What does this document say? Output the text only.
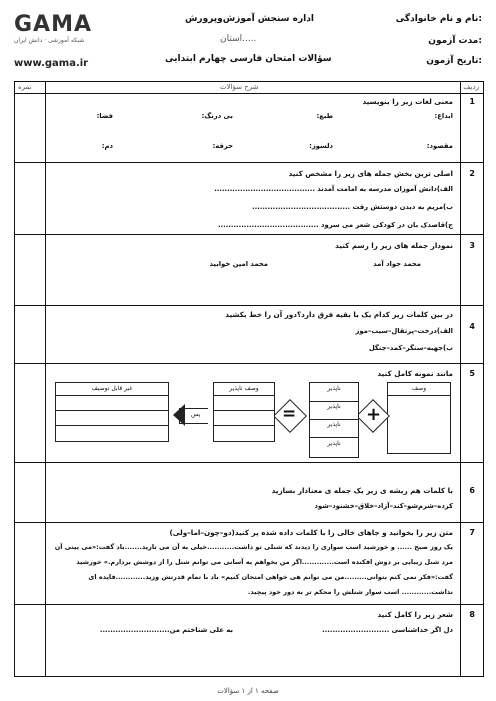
نام و نام خانوادگی:
مدت آزمون:
تاریخ آزمون:
اداره سنجش آموزش‌وپرورش
استان.....
سؤالات امتحان فارسی چهارم ابتدایی
GAMA
شبکه آموزشی · دانش ایران
www.gama.ir
ردیف
شرح سؤالات
نمره
1
معنی لغات زیر را بنویسید
ابداع:
طبع:
بی درنگ:
فضا:
مقصود:
دلسوز:
حرفه:
دم:
2
اصلی ترین بخش جمله های زیر را مشخص کنید
الف)دانش آموزان مدرسه به امامت آمدند .......................................
ب)مریم به دیدن دوستش رفت ......................................
ج)قاصدک بان در کودکی شعر می سرود .......................................
3
نمودار جمله های زیر را رسم کنید
محمد جواد آمد
محمد امین خوابید
4
در بین کلمات زیر کدام یک با بقیه فرق دارد؟دور آن را خط بکشید
الف)درخت–پرتقال–سیب–موز
ب)جهبه–سنگر–کمد–جنگل
5
مانند نمونه کامل کنید
وصف
+
ناپذیر
ناپذیر
ناپذیر
ناپذیر
=
وصف ناپذیر
پس
غیر قابل توصیف
6
با کلمات هم ریشه ی زیر یک جمله ی معنادار بسازید
کرده–شرم‌شو–کند–آزاد–خلاق–خشنود–شود
7
متن زیر را بخوانید و جاهای خالی را با کلمات داده شده پر کنید(دو–چون–اما–ولی)
یک روز صبح ...... و خورشید اسب سواری را دیدند که شنلی تو داشت...........خیلی به آن می نازید.......باد گفت:«می بینی آن
مرد شنل زیبایی بر دوش افکنده است.............اگر من بخواهم به آسانی می توانم شنل را از دوشش بردارم.» خورشید
گفت:«فکر نمی کنم بتوانی.........من می توانم هی خواهی امتحان کنیم» باد با تمام قدرتش وزید............فایده ای
نداشت............ اسب سوار شنلش را محکم تر به دور خود پیچید.
8
شعر زیر را کامل کنید
دل اگر خداشناسی ..........................
به علی شناختم من...........................
صفحه ۱ از ۱ سؤالات
